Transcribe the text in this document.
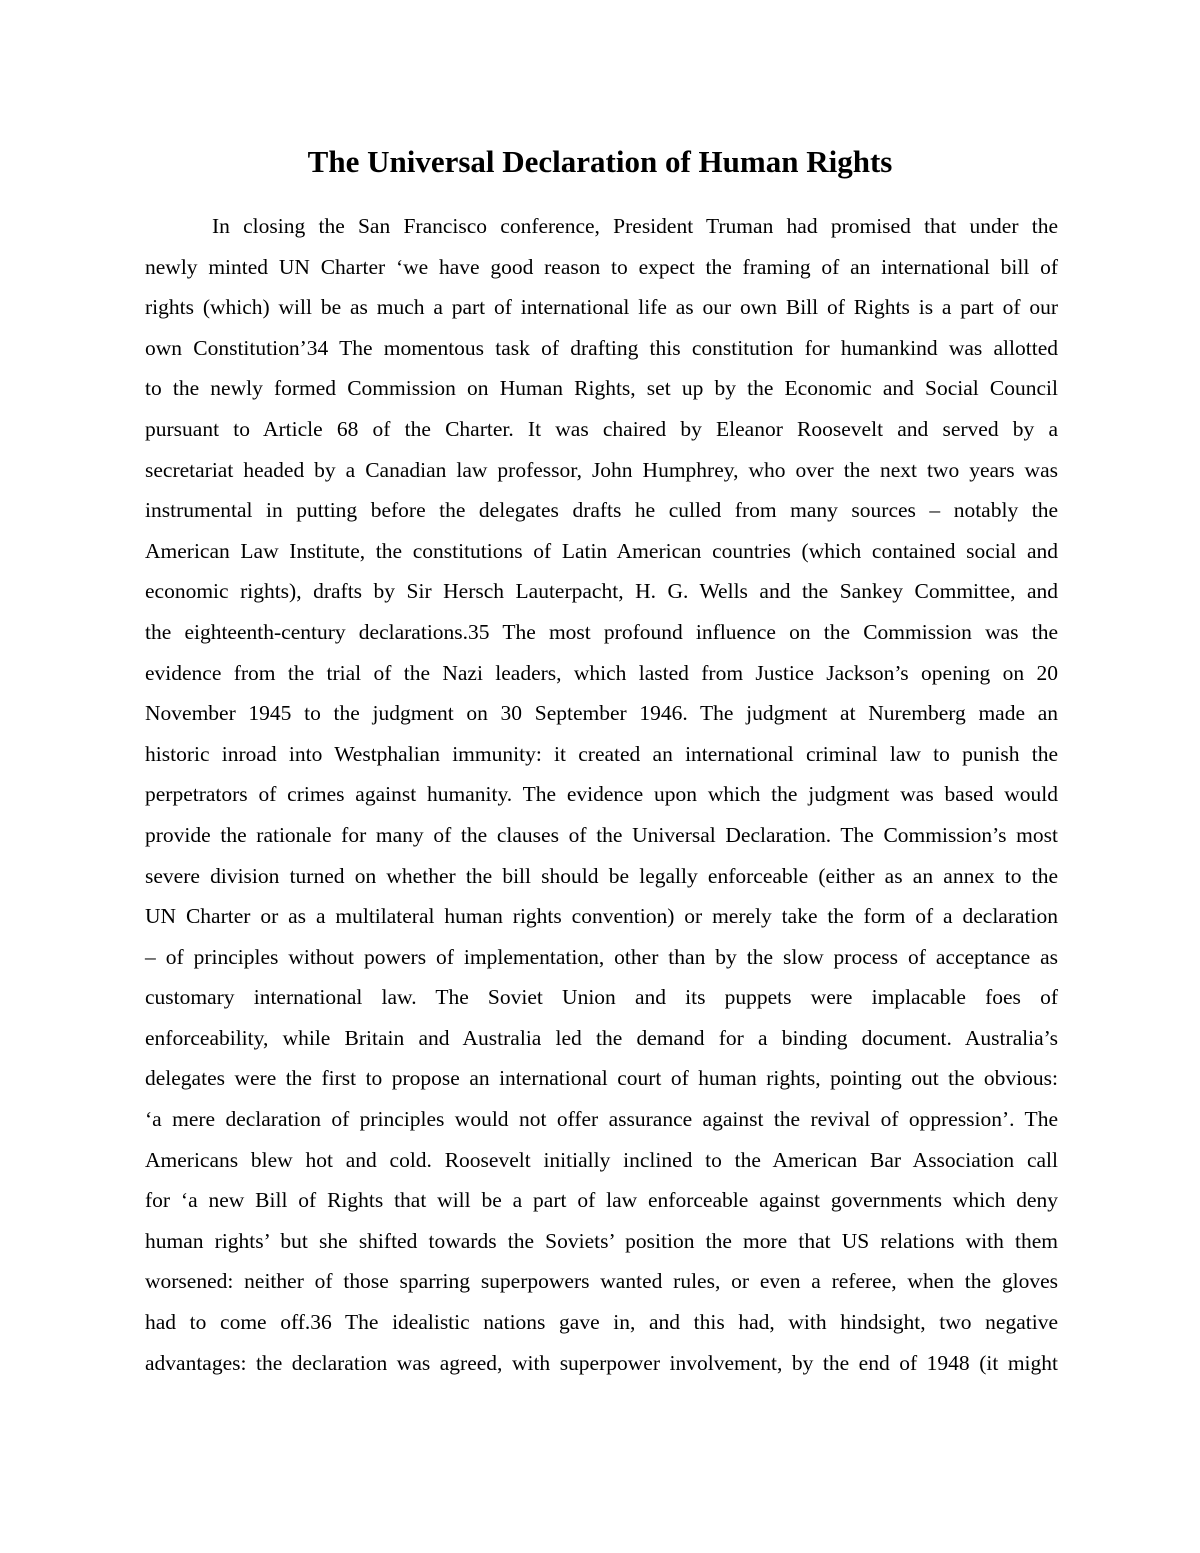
The Universal Declaration of Human Rights
In closing the San Francisco conference, President Truman had promised that under the
newly minted UN Charter ‘we have good reason to expect the framing of an international bill of
rights (which) will be as much a part of international life as our own Bill of Rights is a part of our
own Constitution’34 The momentous task of drafting this constitution for humankind was allotted
to the newly formed Commission on Human Rights, set up by the Economic and Social Council
pursuant to Article 68 of the Charter. It was chaired by Eleanor Roosevelt and served by a
secretariat headed by a Canadian law professor, John Humphrey, who over the next two years was
instrumental in putting before the delegates drafts he culled from many sources – notably the
American Law Institute, the constitutions of Latin American countries (which contained social and
economic rights), drafts by Sir Hersch Lauterpacht, H. G. Wells and the Sankey Committee, and
the eighteenth-century declarations.35 The most profound influence on the Commission was the
evidence from the trial of the Nazi leaders, which lasted from Justice Jackson’s opening on 20
November 1945 to the judgment on 30 September 1946. The judgment at Nuremberg made an
historic inroad into Westphalian immunity: it created an international criminal law to punish the
perpetrators of crimes against humanity. The evidence upon which the judgment was based would
provide the rationale for many of the clauses of the Universal Declaration. The Commission’s most
severe division turned on whether the bill should be legally enforceable (either as an annex to the
UN Charter or as a multilateral human rights convention) or merely take the form of a declaration
– of principles without powers of implementation, other than by the slow process of acceptance as
customary international law. The Soviet Union and its puppets were implacable foes of
enforceability, while Britain and Australia led the demand for a binding document. Australia’s
delegates were the first to propose an international court of human rights, pointing out the obvious:
‘a mere declaration of principles would not offer assurance against the revival of oppression’. The
Americans blew hot and cold. Roosevelt initially inclined to the American Bar Association call
for ‘a new Bill of Rights that will be a part of law enforceable against governments which deny
human rights’ but she shifted towards the Soviets’ position the more that US relations with them
worsened: neither of those sparring superpowers wanted rules, or even a referee, when the gloves
had to come off.36 The idealistic nations gave in, and this had, with hindsight, two negative
advantages: the declaration was agreed, with superpower involvement, by the end of 1948 (it might
